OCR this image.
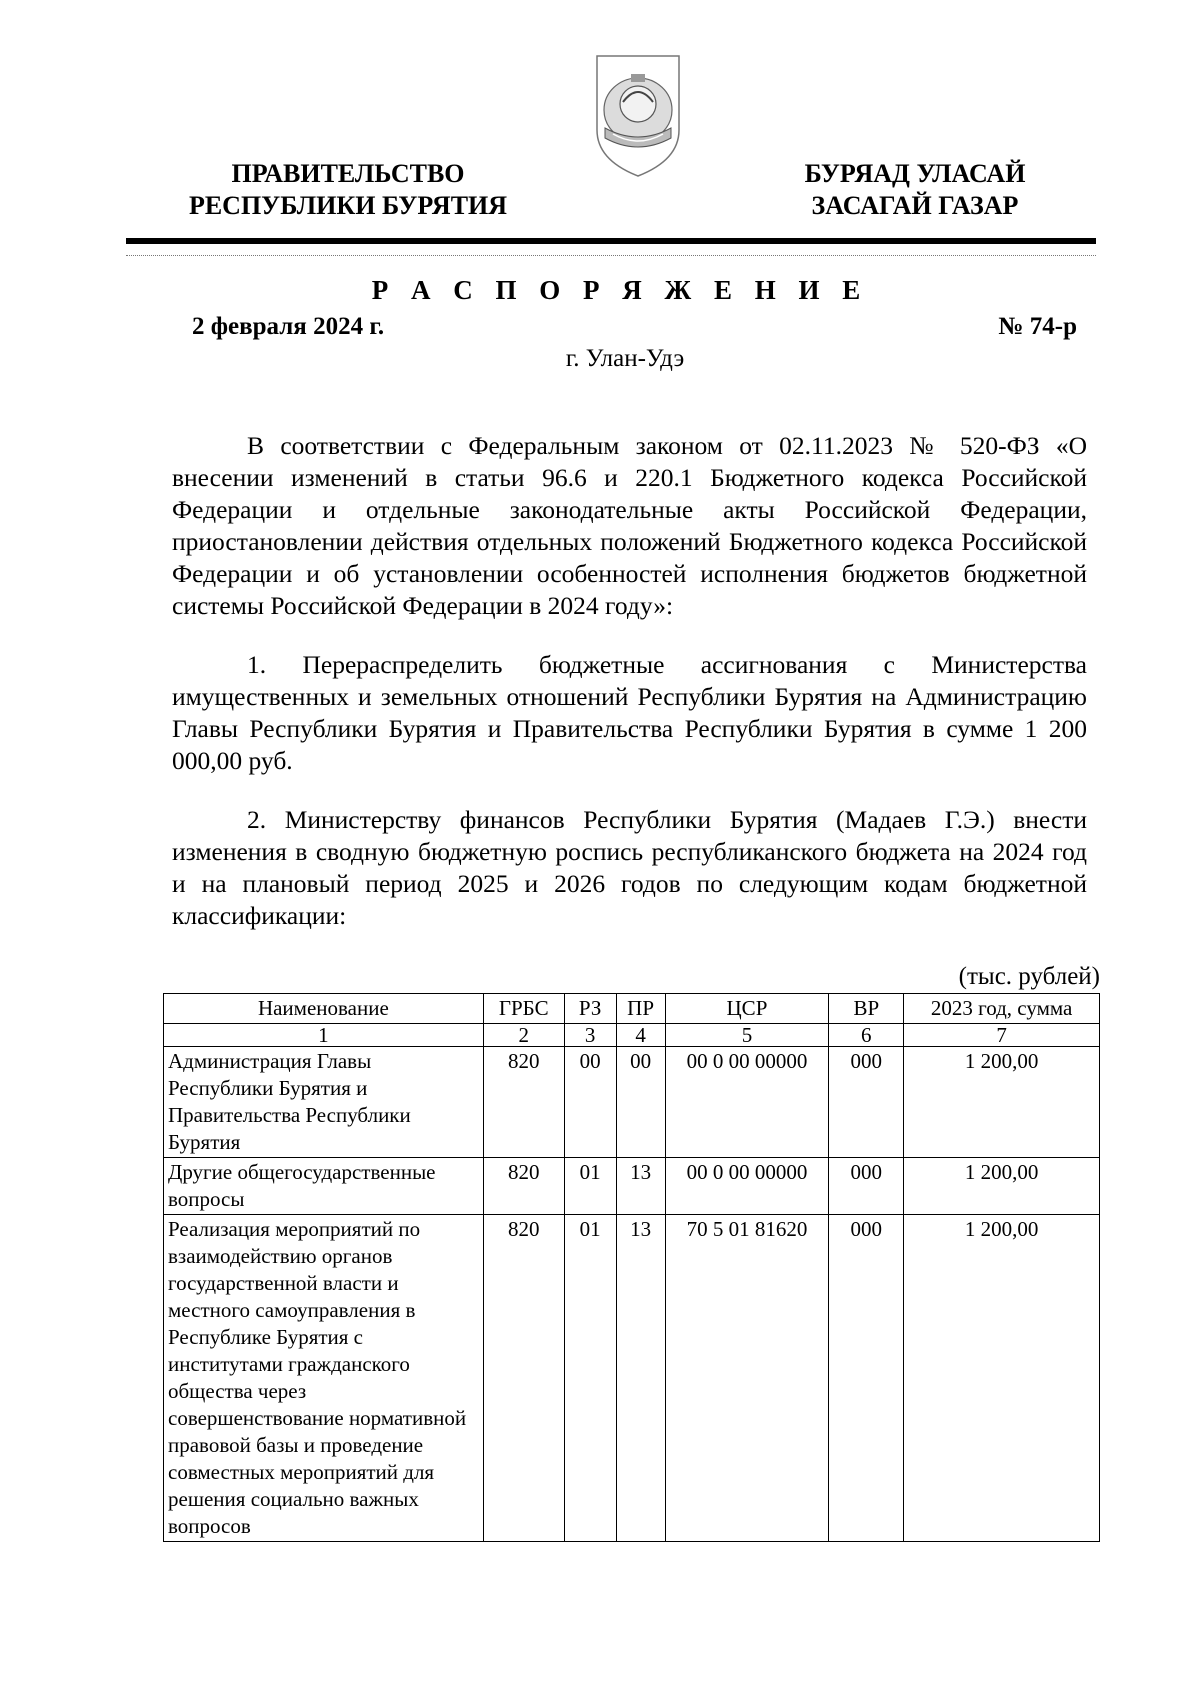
ПРАВИТЕЛЬСТВО
РЕСПУБЛИКИ БУРЯТИЯ
БУРЯАД УЛАСАЙ
ЗАСАГАЙ ГАЗАР
Р А С П О Р Я Ж Е Н И Е
2 февраля 2024 г.	№ 74-р
г. Улан-Удэ

В соответствии с Федеральным законом от 02.11.2023 № 520-ФЗ «О внесении изменений в статьи 96.6 и 220.1 Бюджетного кодекса Российской Федерации и отдельные законодательные акты Российской Федерации, приостановлении действия отдельных положений Бюджетного кодекса Российской Федерации и об установлении особенностей исполнения бюджетов бюджетной системы Российской Федерации в 2024 году»:

1. Перераспределить бюджетные ассигнования с Министерства имущественных и земельных отношений Республики Бурятия на Администрацию Главы Республики Бурятия и Правительства Республики Бурятия в сумме 1 200 000,00 руб.

2. Министерству финансов Республики Бурятия (Мадаев Г.Э.) внести изменения в сводную бюджетную роспись республиканского бюджета на 2024 год и на плановый период 2025 и 2026 годов по следующим кодам бюджетной классификации:

(тыс. рублей)
Наименование	ГРБС	РЗ	ПР	ЦСР	ВР	2023 год, сумма
1	2	3	4	5	6	7
Администрация Главы Республики Бурятия и Правительства Республики Бурятия	820	00	00	00 0 00 00000	000	1 200,00
Другие общегосударственные вопросы	820	01	13	00 0 00 00000	000	1 200,00
Реализация мероприятий по взаимодействию органов государственной власти и местного самоуправления в Республике Бурятия с институтами гражданского общества через совершенствование нормативной правовой базы и проведение совместных мероприятий для решения социально важных вопросов	820	01	13	70 5 01 81620	000	1 200,00
